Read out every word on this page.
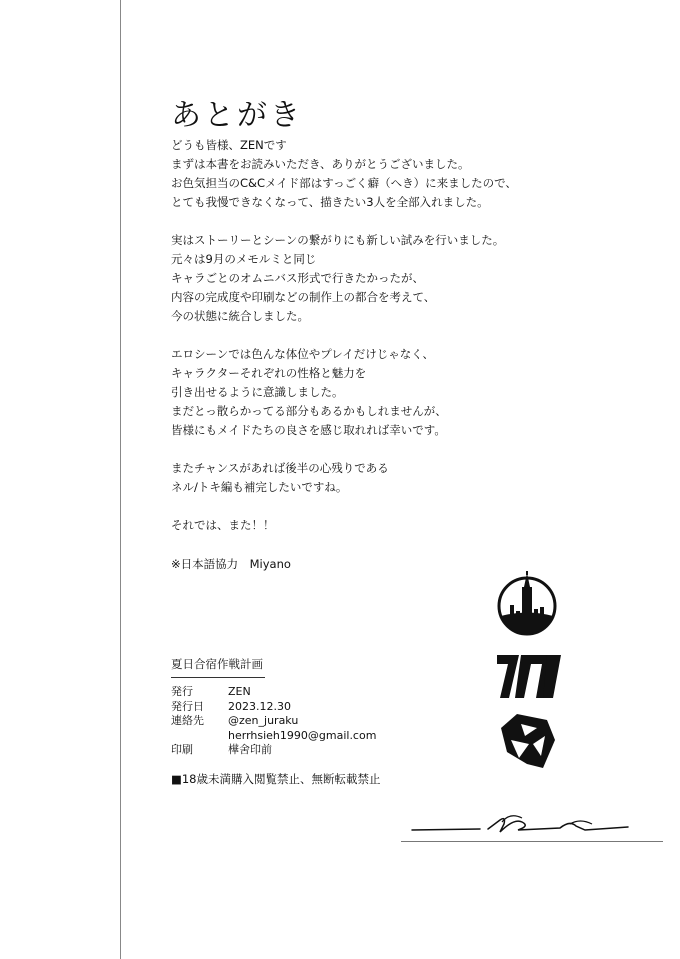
あとがき

どうも皆様、ZENです

まずは本書をお読みいただき、ありがとうございました。

お色気担当のC&Cメイド部はすっごく癖（へき）に来ましたので、

とても我慢できなくなって、描きたい3人を全部入れました。

実はストーリーとシーンの繋がりにも新しい試みを行いました。

元々は9月のメモルミと同じ

キャラごとのオムニバス形式で行きたかったが、

内容の完成度や印刷などの制作上の都合を考えて、

今の状態に統合しました。

エロシーンでは色んな体位やプレイだけじゃなく、

キャラクターそれぞれの性格と魅力を

引き出せるように意識しました。

まだとっ散らかってる部分もあるかもしれませんが、

皆様にもメイドたちの良さを感じ取れれば幸いです。

またチャンスがあれば後半の心残りである

ネル/トキ編も補完したいですね。

それでは、また！！

※日本語協力　Miyano
夏日合宿作戦計画
発行	ZEN
発行日	2023.12.30
連絡先	@zen_juraku
herrhsieh1990@gmail.com
印刷	樺舍印前
■18歳未満購入閲覧禁止、無断転載禁止
